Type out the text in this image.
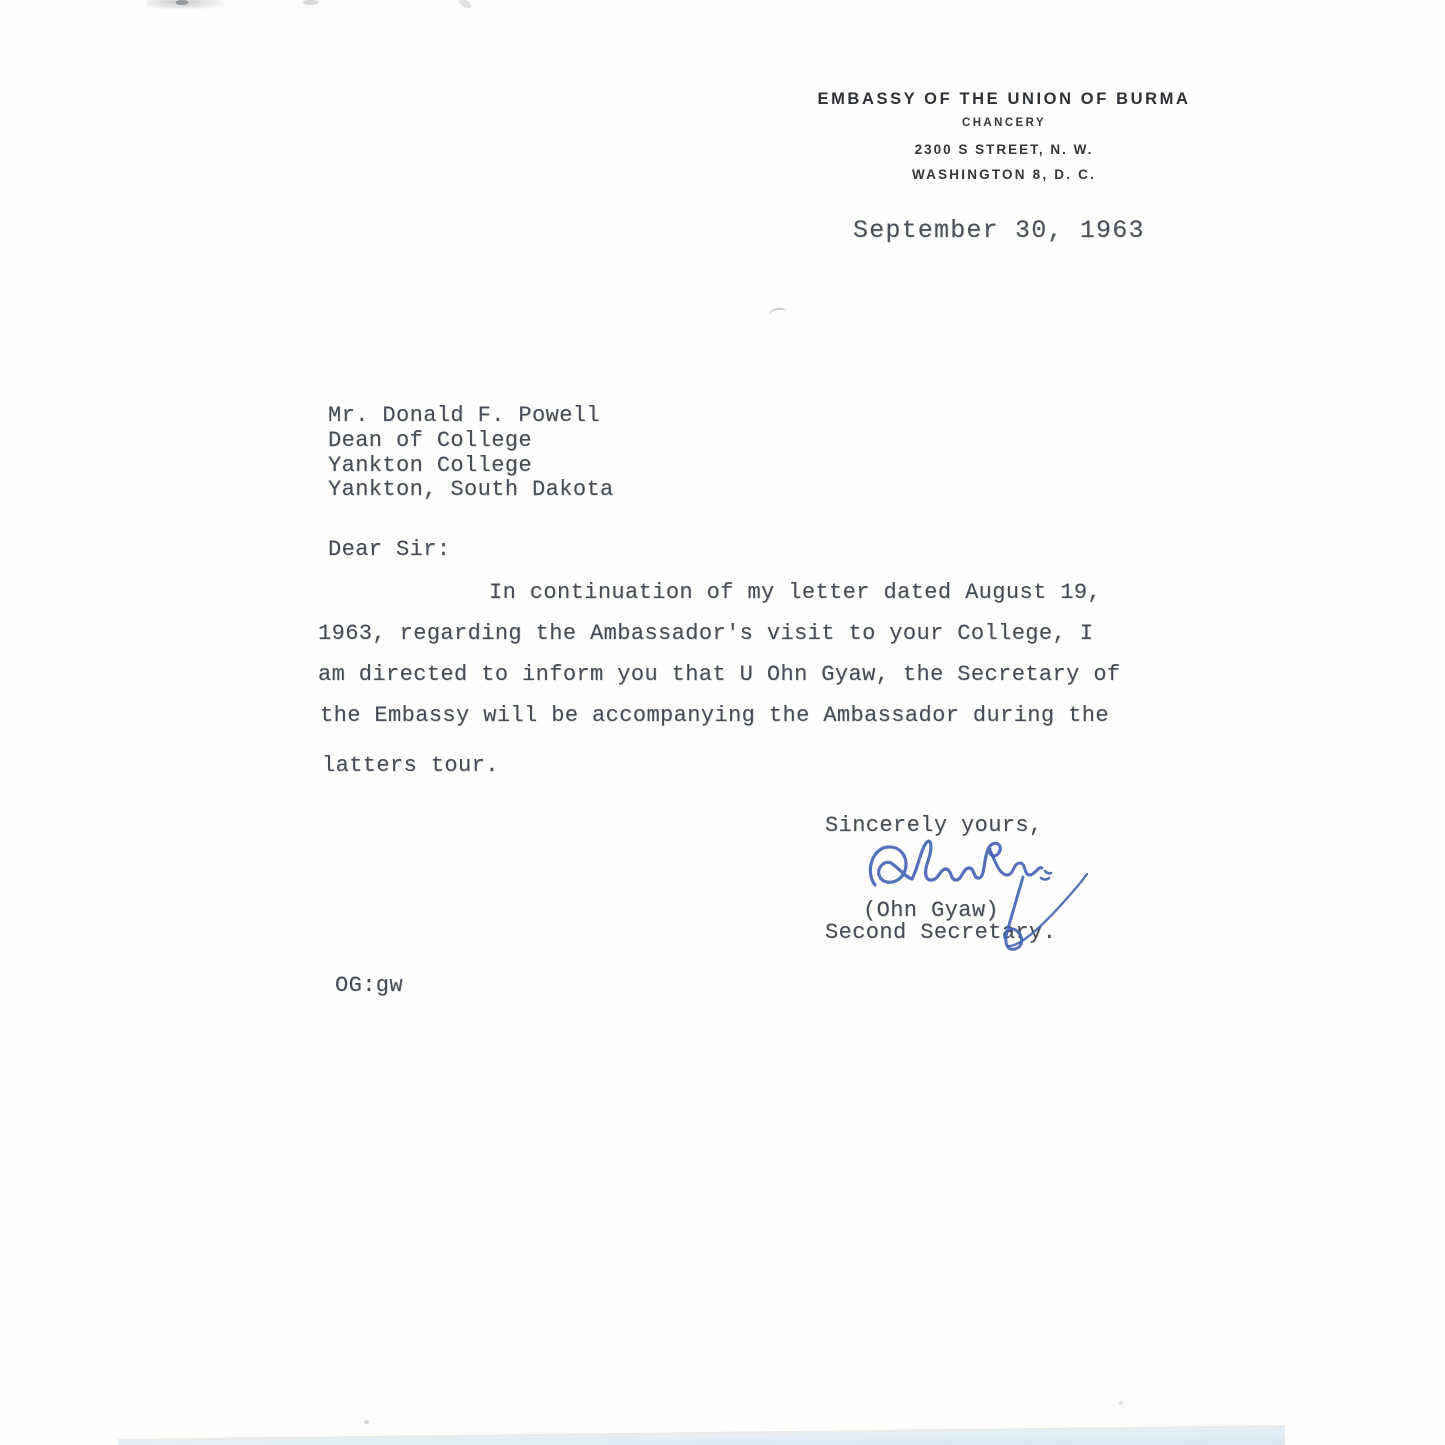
EMBASSY OF THE UNION OF BURMA
CHANCERY
2300 S STREET, N. W.
WASHINGTON 8, D. C.
September 30, 1963
Mr. Donald F. Powell
Dean of College
Yankton College
Yankton, South Dakota
Dear Sir:
In continuation of my letter dated August 19,
1963, regarding the Ambassador's visit to your College, I
am directed to inform you that U Ohn Gyaw, the Secretary of
the Embassy will be accompanying the Ambassador during the
latters tour.
Sincerely yours,
(Ohn Gyaw)
Second Secretary.
OG:gw
